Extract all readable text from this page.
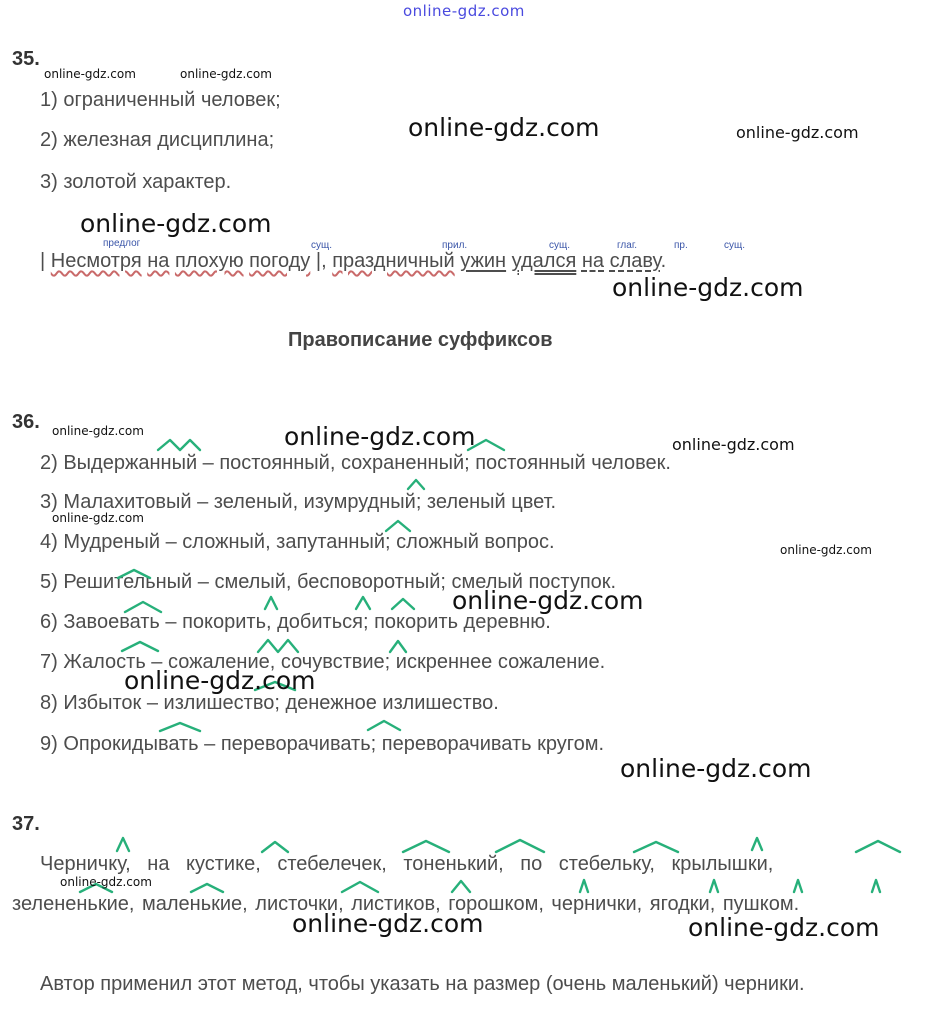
online-gdz.com
35.
1) ограниченный человек;
2) железная дисциплина;
3) золотой характер.
предлог	сущ.	прил.	сущ.	глаг.	пр.	сущ.
| Несмотря на плохую погоду |, праздничный ужин удался на славу.
Правописание суффиксов
36.
2) Выдержанный – постоянный, сохраненный; постоянный человек.
3) Малахитовый – зеленый, изумрудный; зеленый цвет.
4) Мудреный – сложный, запутанный; сложный вопрос.
5) Решительный – смелый, бесповоротный; смелый поступок.
6) Завоевать – покорить, добиться; покорить деревню.
7) Жалость – сожаление, сочувствие; искреннее сожаление.
8) Избыток – излишество; денежное излишество.
9) Опрокидывать – переворачивать; переворачивать кругом.
37.
Черничку, на кустике, стебелечек, тоненький, по стебельку, крылышки,
зелененькие, маленькие, листочки, листиков, горошком, чернички, ягодки, пушком.
Автор применил этот метод, чтобы указать на размер (очень маленький) черники.
online-gdz.com	online-gdz.com
online-gdz.com	online-gdz.com
online-gdz.com
online-gdz.com
online-gdz.com	online-gdz.com	online-gdz.com
online-gdz.com
online-gdz.com
online-gdz.com
online-gdz.com
online-gdz.com
online-gdz.com
online-gdz.com	online-gdz.com
